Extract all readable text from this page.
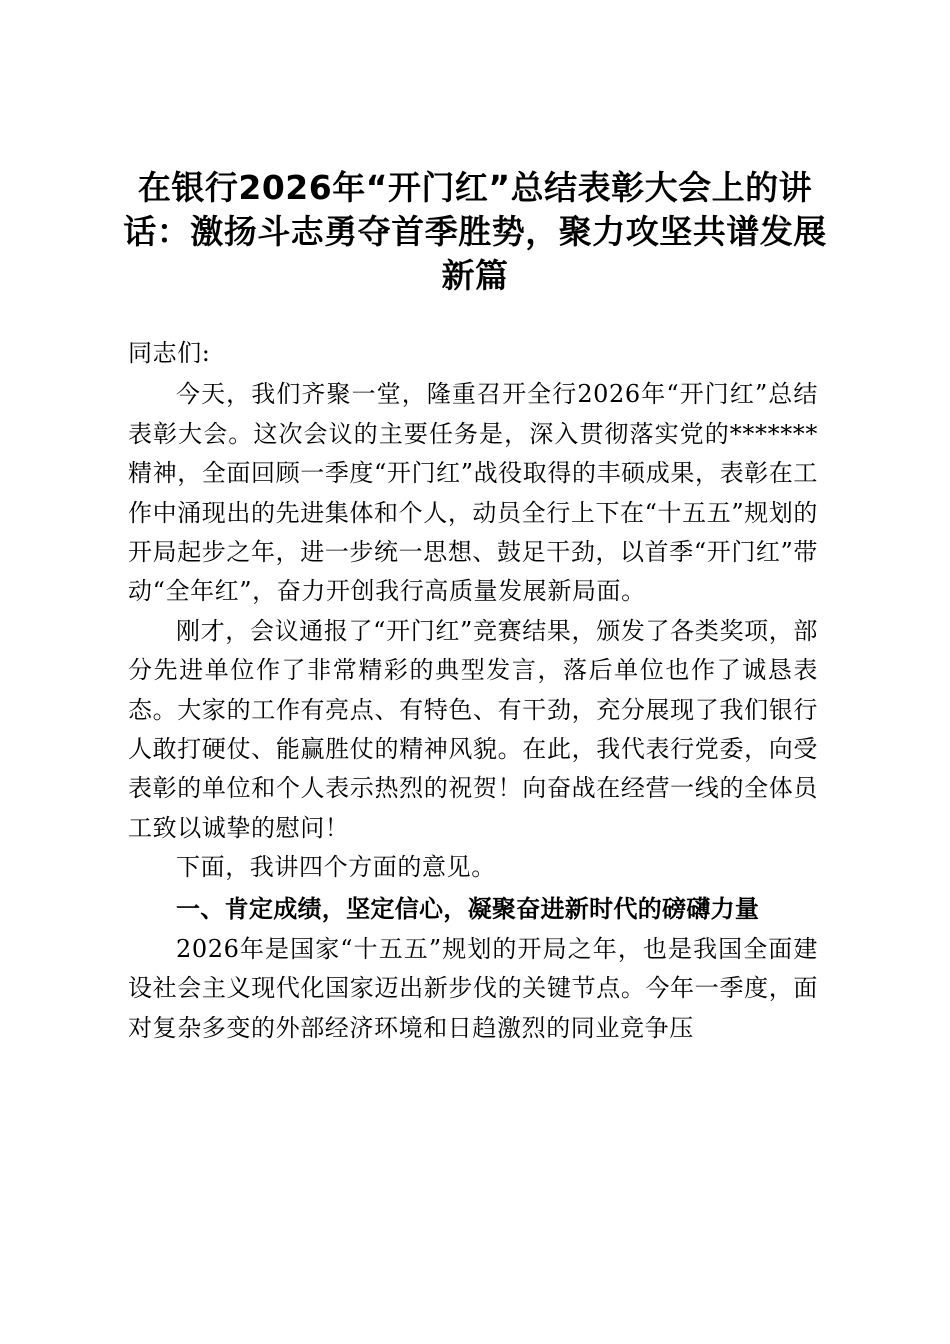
在银行2026年“开门红”总结表彰大会上的讲话：激扬斗志勇夺首季胜势，聚力攻坚共谱发展新篇

同志们:

今天，我们齐聚一堂，隆重召开全行2026年“开门红”总结表彰大会。这次会议的主要任务是，深入贯彻落实党的*******精神，全面回顾一季度“开门红”战役取得的丰硕成果，表彰在工作中涌现出的先进集体和个人，动员全行上下在“十五五”规划的开局起步之年，进一步统一思想、鼓足干劲，以首季“开门红”带动“全年红”，奋力开创我行高质量发展新局面。

刚才，会议通报了“开门红”竞赛结果，颁发了各类奖项，部分先进单位作了非常精彩的典型发言，落后单位也作了诚恳表态。大家的工作有亮点、有特色、有干劲，充分展现了我们银行人敢打硬仗、能赢胜仗的精神风貌。在此，我代表行党委，向受表彰的单位和个人表示热烈的祝贺！向奋战在经营一线的全体员工致以诚挚的慰问！

下面，我讲四个方面的意见。

一、肯定成绩，坚定信心，凝聚奋进新时代的磅礴力量

2026年是国家“十五五”规划的开局之年，也是我国全面建设社会主义现代化国家迈出新步伐的关键节点。今年一季度，面对复杂多变的外部经济环境和日趋激烈的同业竞争压
